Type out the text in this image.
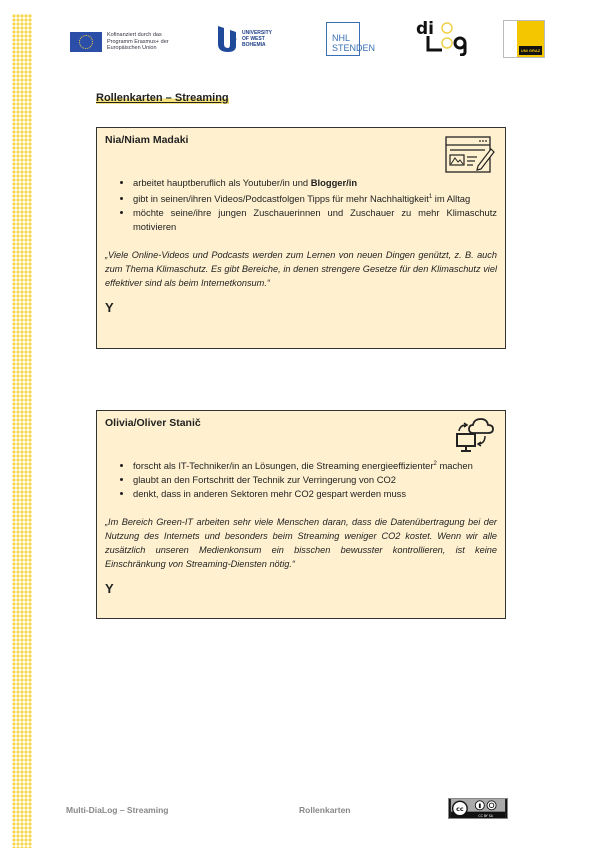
Kofinanziert durch das Programm Erasmus+ der Europäischen Union
UNIVERSITY OF WEST BOHEMIA
NHL
STENDEN
di
UNI GRAZ
Rollenkarten – Streaming
Nia/Niam Madaki
• arbeitet hauptberuflich als Youtuber/in und Blogger/in
• gibt in seinen/ihren Videos/Podcastfolgen Tipps für mehr Nachhaltigkeit$^1$ im Alltag
• möchte seine/ihre jungen Zuschauerinnen und Zuschauer zu mehr Klimaschutz motivieren
„Viele Online-Videos und Podcasts werden zum Lernen von neuen Dingen genützt, z. B. auch zum Thema Klimaschutz. Es gibt Bereiche, in denen strengere Gesetze für den Klimaschutz viel effektiver sind als beim Internetkonsum.“
Y
Olivia/Oliver Stanič
• forscht als IT-Techniker/in an Lösungen, die Streaming energieeffizienter$^2$ machen
• glaubt an den Fortschritt der Technik zur Verringerung von CO2
• denkt, dass in anderen Sektoren mehr CO2 gespart werden muss
„Im Bereich Green-IT arbeiten sehr viele Menschen daran, dass die Datenübertragung bei der Nutzung des Internets und besonders beim Streaming weniger CO2 kostet. Wenn wir alle zusätzlich unseren Medienkonsum ein bisschen bewusster kontrollieren, ist keine Einschränkung von Streaming-Diensten nötig.“
Y
Multi-DiaLog – Streaming	Rollenkarten	cc
CC BY SA
